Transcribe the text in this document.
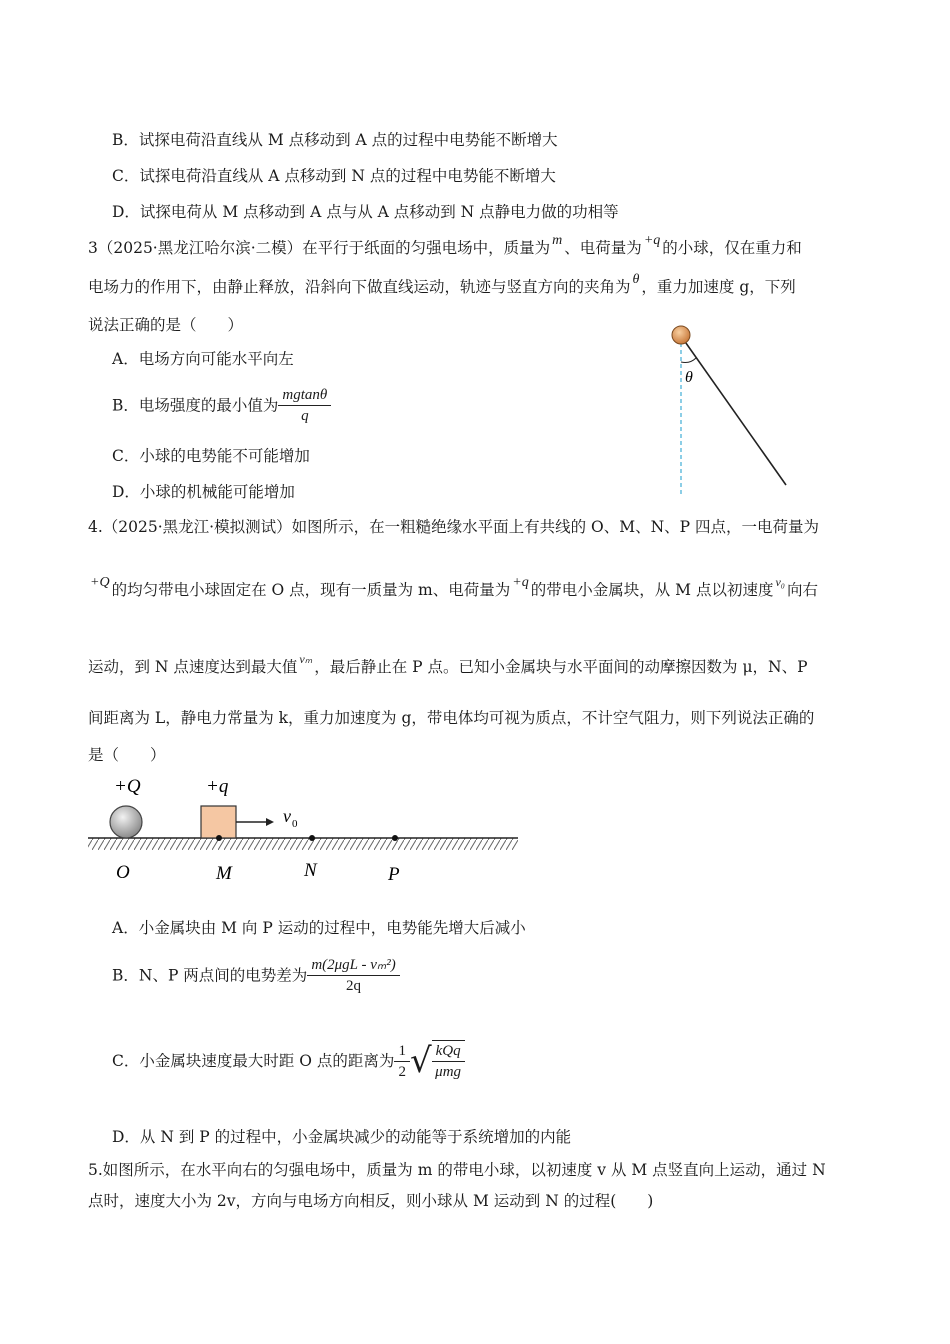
B．试探电荷沿直线从 M 点移动到 A 点的过程中电势能不断增大
C．试探电荷沿直线从 A 点移动到 N 点的过程中电势能不断增大
D．试探电荷从 M 点移动到 A 点与从 A 点移动到 N 点静电力做的功相等
3（2025·黑龙江哈尔滨·二模）在平行于纸面的匀强电场中，质量为 m 、电荷量为 +q 的小球，仅在重力和
电场力的作用下，由静止释放，沿斜向下做直线运动，轨迹与竖直方向的夹角为 θ ，重力加速度 g，下列
说法正确的是（　　）
A．电场方向可能水平向左
B．电场强度的最小值为 $\frac{mgtan\theta}{q}$
C．小球的电势能不可能增加
D．小球的机械能可能增加
θ
4.（2025·黑龙江·模拟测试）如图所示，在一粗糙绝缘水平面上有共线的 O、M、N、P 四点，一电荷量为
+Q 的均匀带电小球固定在 O 点，现有一质量为 m、电荷量为 +q 的带电小金属块，从 M 点以初速度 $^{v_0}$ 向右
运动，到 N 点速度达到最大值 $^{v_m}$ ，最后静止在 P 点。已知小金属块与水平面间的动摩擦因数为 μ，N、P
间距离为 L，静电力常量为 k，重力加速度为 g，带电体均可视为质点，不计空气阻力，则下列说法正确的
是（　　）
+Q	+q
v 0
O	M	N	P
A．小金属块由 M 向 P 运动的过程中，电势能先增大后减小
B．N、P 两点间的电势差为 $\frac{\text{m(2μgL - vₘ²)}}{2q}$
C．小金属块速度最大时距 O 点的距离为 $\frac{1}{2}$ √ $\frac{\text{kQq}}{\text{μmg}}$
D．从 N 到 P 的过程中，小金属块减少的动能等于系统增加的内能
5.如图所示，在水平向右的匀强电场中，质量为 m 的带电小球，以初速度 v 从 M 点竖直向上运动，通过 N
点时，速度大小为 2v，方向与电场方向相反，则小球从 M 运动到 N 的过程(　　)
